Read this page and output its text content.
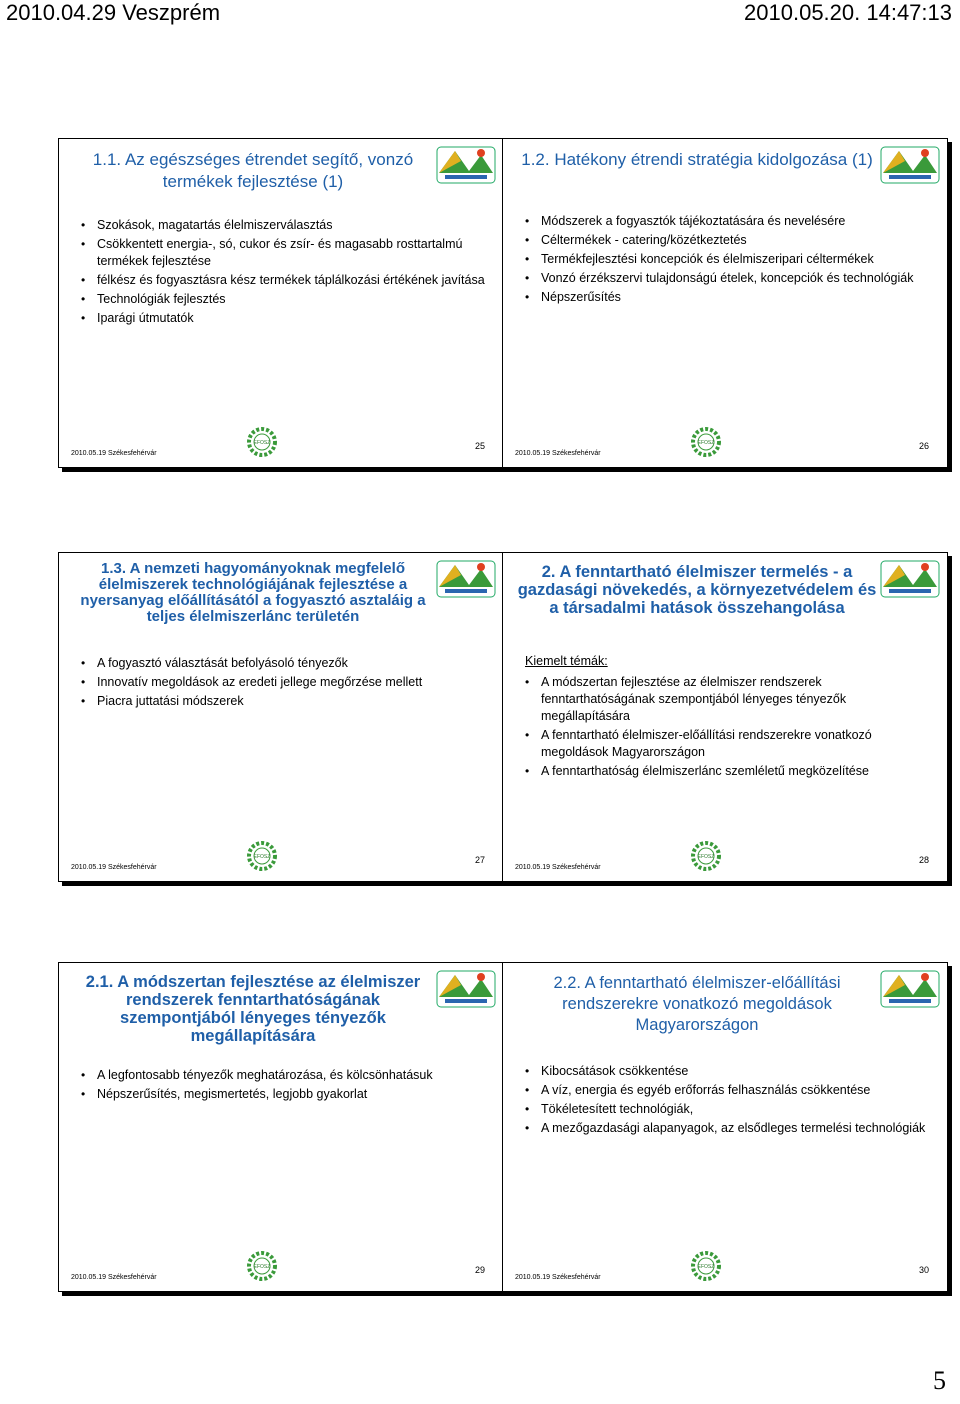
2010.04.29 Veszprém	2010.05.20. 14:47:13
1.1. Az egészséges étrendet segítő, vonzó termékek fejlesztése (1)
• Szokások, magatartás élelmiszerválasztás
• Csökkentett energia-, só, cukor és zsír- és magasabb rosttartalmú termékek fejlesztése
• félkész és fogyasztásra kész termékek táplálkozási értékének javítása
• Technológiák fejlesztés
• Iparági útmutatók
2010.05.19 Székesfehérvár
EFOSZ	25
1.2. Hatékony étrendi stratégia kidolgozása (1)
• Módszerek a fogyasztók tájékoztatására és nevelésére
• Céltermékek - catering/közétkeztetés
• Termékfejlesztési koncepciók és élelmiszeripari céltermékek
• Vonzó érzékszervi tulajdonságú ételek, koncepciók és technológiák
• Népszerűsítés
2010.05.19 Székesfehérvár
EFOSZ	26
1.3. A nemzeti hagyományoknak megfelelő élelmiszerek technológiájának fejlesztése a nyersanyag előállításától a fogyasztó asztaláig a teljes élelmiszerlánc területén
• A fogyasztó választását befolyásoló tényezők
• Innovatív megoldások az eredeti jellege megőrzése mellett
• Piacra juttatási módszerek
2010.05.19 Székesfehérvár
EFOSZ	27
2. A fenntartható élelmiszer termelés - a gazdasági növekedés, a környezetvédelem és a társadalmi hatások összehangolása
Kiemelt témák:
• A módszertan fejlesztése az élelmiszer rendszerek fenntarthatóságának szempontjából lényeges tényezők megállapítására
• A fenntartható élelmiszer-előállítási rendszerekre vonatkozó megoldások Magyarországon
• A fenntarthatóság élelmiszerlánc szemléletű megközelítése
2010.05.19 Székesfehérvár
EFOSZ	28
2.1. A módszertan fejlesztése az élelmiszer rendszerek fenntarthatóságának szempontjából lényeges tényezők megállapítására
• A legfontosabb tényezők meghatározása, és kölcsönhatásuk
• Népszerűsítés, megismertetés, legjobb gyakorlat
2010.05.19 Székesfehérvár
EFOSZ	29
2.2. A fenntartható élelmiszer-előállítási rendszerekre vonatkozó megoldások Magyarországon
• Kibocsátások csökkentése
• A víz, energia és egyéb erőforrás felhasználás csökkentése
• Tökéletesített technológiák,
• A mezőgazdasági alapanyagok, az elsődleges termelési technológiák
2010.05.19 Székesfehérvár
EFOSZ	30
5
